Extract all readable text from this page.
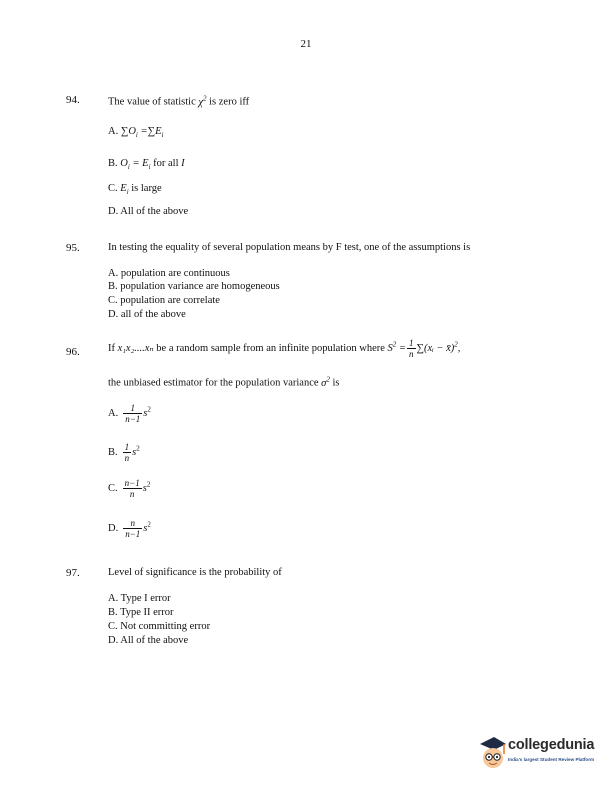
21
94.	The value of statistic $\chi^2$ is zero iff
A. $\sum O_i =\sum E_i$
B. $O_i = E_i$ for all I
C. $E_i$ is large
D. All of the above
95.	In testing the equality of several population means by F test, one of the assumptions is
A. population are continuous
B. population variance are homogeneous
C. population are correlate
D. all of the above
96.	If x₁x₂....xₙ be a random sample from an infinite population where $S^2 = \frac{1}{n}$ ∑(xᵢ − x̄)$^2$,
the unbiased estimator for the population variance $\sigma^2$ is
A. $\frac{1}{n-1} s^2$
B. $\frac{1}{n} s^2$
C. $\frac{n-1}{n} s^2$
D. $\frac{n}{n-1} s^2$
97.	Level of significance is the probability of
A. Type I error
B. Type II error
C. Not committing error
D. All of the above
collegedunia
India's largest Student Review Platform
